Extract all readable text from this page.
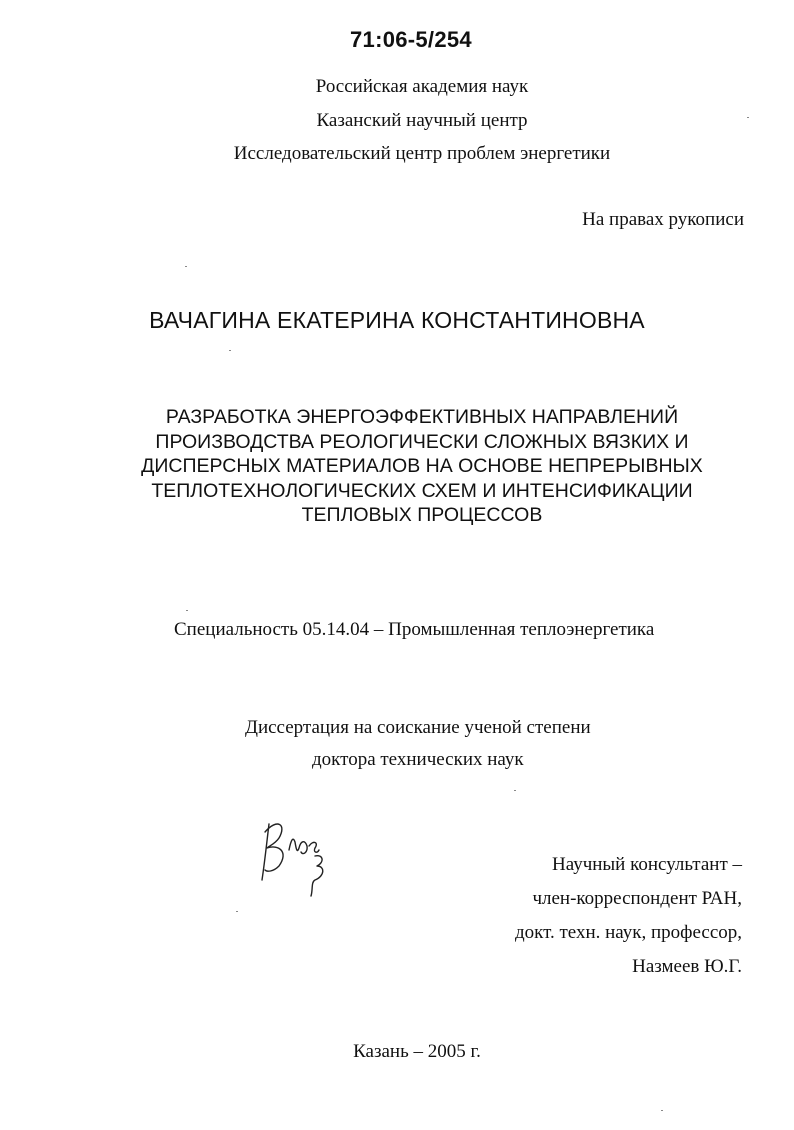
71:06-5/254
Российская академия наук
Казанский научный центр
Исследовательский центр проблем энергетики
На правах рукописи
ВАЧАГИНА ЕКАТЕРИНА КОНСТАНТИНОВНА
РАЗРАБОТКА ЭНЕРГОЭФФЕКТИВНЫХ НАПРАВЛЕНИЙ
ПРОИЗВОДСТВА РЕОЛОГИЧЕСКИ СЛОЖНЫХ ВЯЗКИХ И
ДИСПЕРСНЫХ МАТЕРИАЛОВ НА ОСНОВЕ НЕПРЕРЫВНЫХ
ТЕПЛОТЕХНОЛОГИЧЕСКИХ СХЕМ И ИНТЕНСИФИКАЦИИ
ТЕПЛОВЫХ ПРОЦЕССОВ
Специальность 05.14.04 – Промышленная теплоэнергетика
Диссертация на соискание ученой степени
доктора технических наук
Научный консультант –
член-корреспондент РАН,
докт. техн. наук, профессор,
Назмеев Ю.Г.
Казань – 2005 г.
